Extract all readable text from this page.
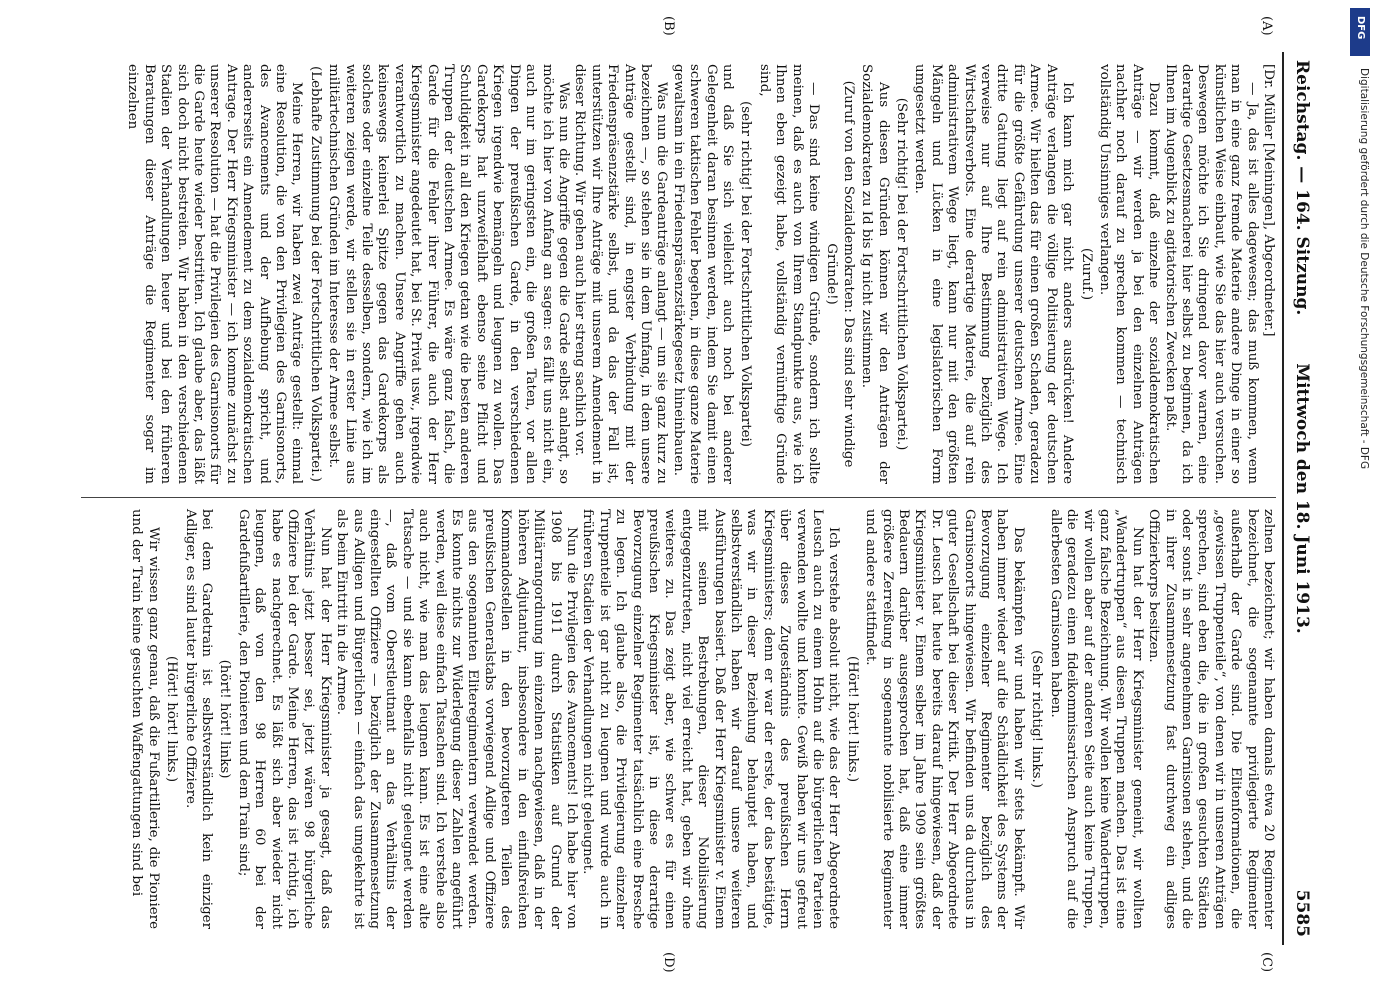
Reichstag. — 164. Sitzung.
Mittwoch den 18. Juni 1913.
5585
(A)
(B)
(C)
(D)

[Dr. Müller [Meiningen], Abgeordneter.]

— Ja, das ist alles dagewesen; das muß kommen, wenn man in eine ganz fremde Materie andere Dinge in einer so künstlichen Weise einbaut, wie Sie das hier auch versuchen. Deswegen möchte ich Sie dringend davor warnen, eine derartige Gesetzesmacherei hier selbst zu beginnen, da ich Ihnen im Augenblick zu agitatorischen Zwecken paßt.

Dazu kommt, daß einzelne der sozialdemokratischen Anträge — wir werden ja bei den einzelnen Anträgen nachher noch darauf zu sprechen kommen — technisch vollständig Unsinniges verlangen.

(Zuruf.)

Ich kann mich gar nicht anders ausdrücken! Andere Anträge verlangen die völlige Politisierung der deutschen Armee. Wir hielten das für einen großen Schaden, geradezu für die größte Gefährdung unserer deutschen Armee. Eine dritte Gattung liegt auf rein administrativem Wege. Ich verweise nur auf Ihre Bestimmung bezüglich des Wirtschaftsverbots. Eine derartige Materie, die auf rein administrativem Wege liegt, kann nur mit den größten Mängeln und Lücken in eine legislatorischen Form umgesetzt werden.

(Sehr richtig! bei der Fortschrittlichen Volkspartei.)

Aus diesen Gründen können wir den Anträgen der Sozialdemokraten zu Id bis Ig nicht zustimmen.

(Zuruf von den Sozialdemokraten: Das sind sehr windige Gründe!)

— Das sind keine windigen Gründe, sondern ich sollte meinen, daß es auch von Ihrem Standpunkte aus, wie ich Ihnen eben gezeigt habe, vollständig vernünftige Gründe sind,

(sehr richtig! bei der Fortschrittlichen Volkspartei)

und daß Sie sich vielleicht auch noch bei anderer Gelegenheit daran besinnen werden, indem Sie damit einen schweren taktischen Fehler begehen, in diese ganze Materie gewaltsam in ein Friedenspräsenzstärkegesetz hineinbauen.

Was nun die Gardeanträge anlangt — um sie ganz kurz zu bezeichnen —, so stehen sie in dem Umfang, in dem unsere Anträge gestellt sind, in engster Verbindung mit der Friedenspräsenzstärke selbst, und da das der Fall ist, unterstützen wir Ihre Anträge mit unserem Amendement in dieser Richtung. Wir gehen auch hier streng sachlich vor.

Was nun die Angriffe gegen die Garde selbst anlangt, so möchte ich hier von Anfang an sagen: es fällt uns nicht ein, auch nur im geringsten ein, die großen Taten, vor allen Dingen der preußischen Garde, in den verschiedenen Kriegen irgendwie bemängeln und leugnen zu wollen. Das Gardekorps hat unzweifelhaft ebenso seine Pflicht und Schuldigkeit in all den Kriegen getan wie die besten anderen Truppen der deutschen Armee. Es wäre ganz falsch, die Garde für die Fehler ihrer Führer, die auch der Herr Kriegsminister angedeutet hat, bei St. Privat usw., irgendwie verantwortlich zu machen. Unsere Angriffe gehen auch keineswegs keinerlei Spitze gegen das Gardekorps als solches oder einzelne Teile desselben, sondern, wie ich im weiteren zeigen werde, wir stellen sie in erster Linie aus militärtechnischen Gründen im Interesse der Armee selbst.

(Lebhafte Zustimmung bei der Fortschrittlichen Volkspartei.)

Meine Herren, wir haben zwei Anträge gestellt: einmal eine Resolution, die von den Privilegien des Garnisonorts, des Avancements und der Aufhebung spricht, und andererseits ein Amendement zu dem sozialdemokratischen Antrage. Der Herr Kriegsminister — ich komme zunächst zu unserer Resolution — hat die Privilegien des Garnisonorts für die Garde heute wieder bestritten. Ich glaube aber, das läßt sich doch nicht bestreiten. Wir haben in den verschiedenen Stadien der Verhandlungen heuer und bei den früheren Beratungen dieser Anträge die Regimenter sogar im einzelnen

zelnen bezeichnet; wir haben damals etwa 20 Regimenter bezeichnet, die sogenannte privilegierte Regimenter außerhalb der Garde sind. Die Elitenformationen, die „gewissen Truppenteile“, von denen wir in unseren Anträgen sprechen, sind eben die, die in großen gesuchten Städten oder sonst in sehr angenehmen Garnisonen stehen, und die in ihrer Zusammensetzung fast durchweg ein adliges Offizierkorps besitzen.

Nun hat der Herr Kriegsminister gemeint, wir wollten „Wandertruppen“ aus diesen Truppen machen. Das ist eine ganz falsche Bezeichnung. Wir wollen keine Wandertruppen, wir wollen aber auf der anderen Seite auch keine Truppen, die geradezu einen fideikommissarischen Anspruch auf die allerbesten Garnisonen haben.

(Sehr richtig! links.)

Das bekämpfen wir und haben wir stets bekämpft. Wir haben immer wieder auf die Schädlichkeit des Systems der Bevorzugung einzelner Regimenter bezüglich des Garnisonorts hingewiesen. Wir befinden uns da durchaus in guter Gesellschaft bei dieser Kritik. Der Herr Abgeordnete Dr. Leusch hat heute bereits darauf hingewiesen, daß der Kriegsminister v. Einem selber im Jahre 1909 sein größtes Bedauern darüber ausgesprochen hat, daß eine immer größere Zerreißung in sogenannte nobilisierte Regimenter und andere stattfindet.

(Hört! hört! links.)

Ich verstehe absolut nicht, wie das der Herr Abgeordnete Leusch auch zu einem Hohn auf die bürgerlichen Parteien verwenden wollte und konnte. Gewiß haben wir uns gefreut über dieses Zugeständnis des preußischen Herrn Kriegsministers; denn er war der erste, der das bestätigte, was wir in dieser Beziehung behauptet haben, und selbstverständlich haben wir darauf unsere weiteren Ausführungen basiert. Daß der Herr Kriegsminister v. Einem mit seinen Bestrebungen, dieser Nobilisierung entgegenzutreten, nicht viel erreicht hat, geben wir ohne weiteres zu. Das zeigt aber, wie schwer es für einen preußischen Kriegsminister ist, in diese derartige Bevorzugung einzelner Regimenter tatsächlich eine Bresche zu legen. Ich glaube also, die Privilegierung einzelner Truppenteile ist gar nicht zu leugnen und wurde auch in früheren Stadien der Verhandlungen nicht geleugnet.

Nun die Privilegien des Avancements! Ich habe hier von 1908 bis 1911 durch Statistiken auf Grund der Militärrangordnung im einzelnen nachgewiesen, daß in der höheren Adjutantur, insbesondere in den einflußreichen Kommandostellen in den bevorzugteren Teilen des preußischen Generalstabs vorwiegend Adlige und Offiziere aus den sogenannten Eliteregimentern verwendet werden. Es konnte nichts zur Widerlegung dieser Zahlen angeführt werden, weil diese einfach Tatsachen sind. Ich verstehe also auch nicht, wie man das leugnen kann. Es ist eine alte Tatsache — und sie kann ebenfalls nicht geleugnet werden —, daß vom Oberstleutnant an das Verhältnis der eingestellten Offiziere — bezüglich der Zusammensetzung aus Adligen und Bürgerlichen — einfach das umgekehrte ist als beim Eintritt in die Armee.

Nun hat der Herr Kriegsminister ja gesagt, daß das Verhältnis jetzt besser sei, jetzt wären 98 bürgerliche Offiziere bei der Garde. Meine Herren, das ist richtig, ich habe es nachgerechnet. Es läßt sich aber wieder nicht leugnen, daß von den 98 Herren 60 bei der Gardefußartillerie, den Pionieren und dem Train sind;

(hört! hört! links)

bei dem Gardetrain ist selbstverständlich kein einziger Adliger, es sind lauter bürgerliche Offiziere.

(Hört! hört! links.)

Wir wissen ganz genau, daß die Fußartillerie, die Pioniere und der Train keine gesuchten Waffengattungen sind bei

DFG
Digitalisierung gefördert durch die Deutsche Forschungsgemeinschaft - DFG
